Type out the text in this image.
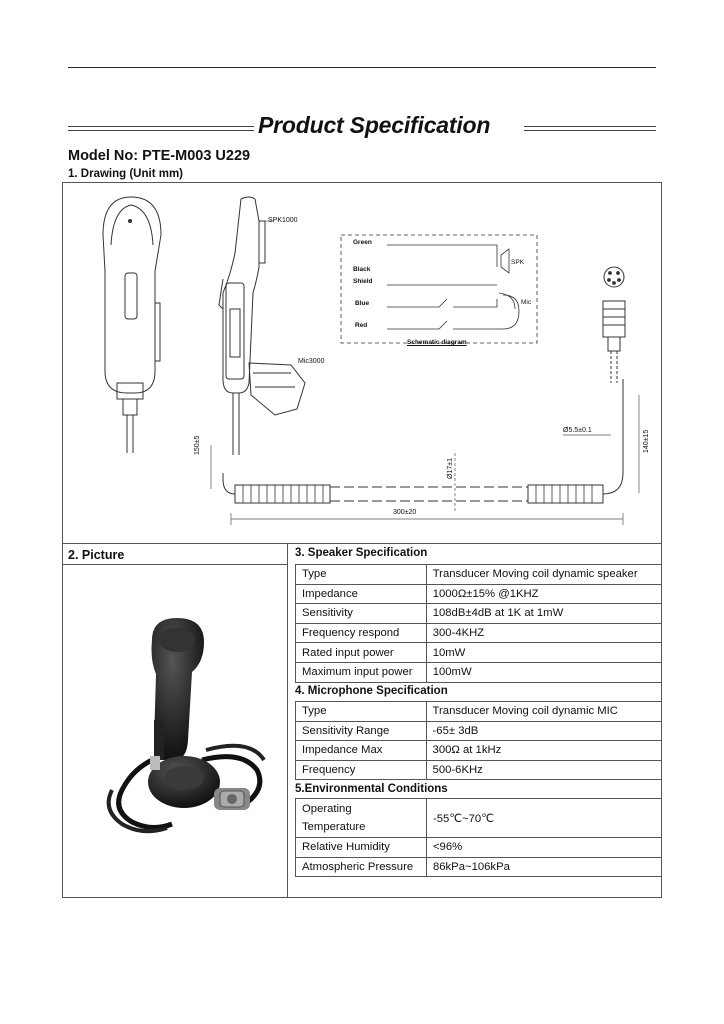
Product Specification
Model No: PTE-M003 U229
1. Drawing (Unit mm)
SPK1000
Mic3000
150±5	140±15
Ø17±1
Ø5.5±0.1
300±20
Green
Black
Shield
Blue
Red
SPK
Mic
Schematic diagram
2. Picture	3. Speaker Specification
Type	Transducer Moving coil dynamic speaker
Impedance	1000Ω±15% @1KHZ
Sensitivity	108dB±4dB at 1K at 1mW
Frequency respond	300-4KHZ
Rated input power	10mW
Maximum input power	100mW
4. Microphone Specification
Type	Transducer Moving coil dynamic MIC
Sensitivity Range	-65± 3dB
Impedance Max	300Ω at 1kHz
Frequency	500-6KHz
5.Environmental Conditions
Operating
Temperature	-55℃~70℃
Relative Humidity	<96%
Atmospheric Pressure	86kPa~106kPa
